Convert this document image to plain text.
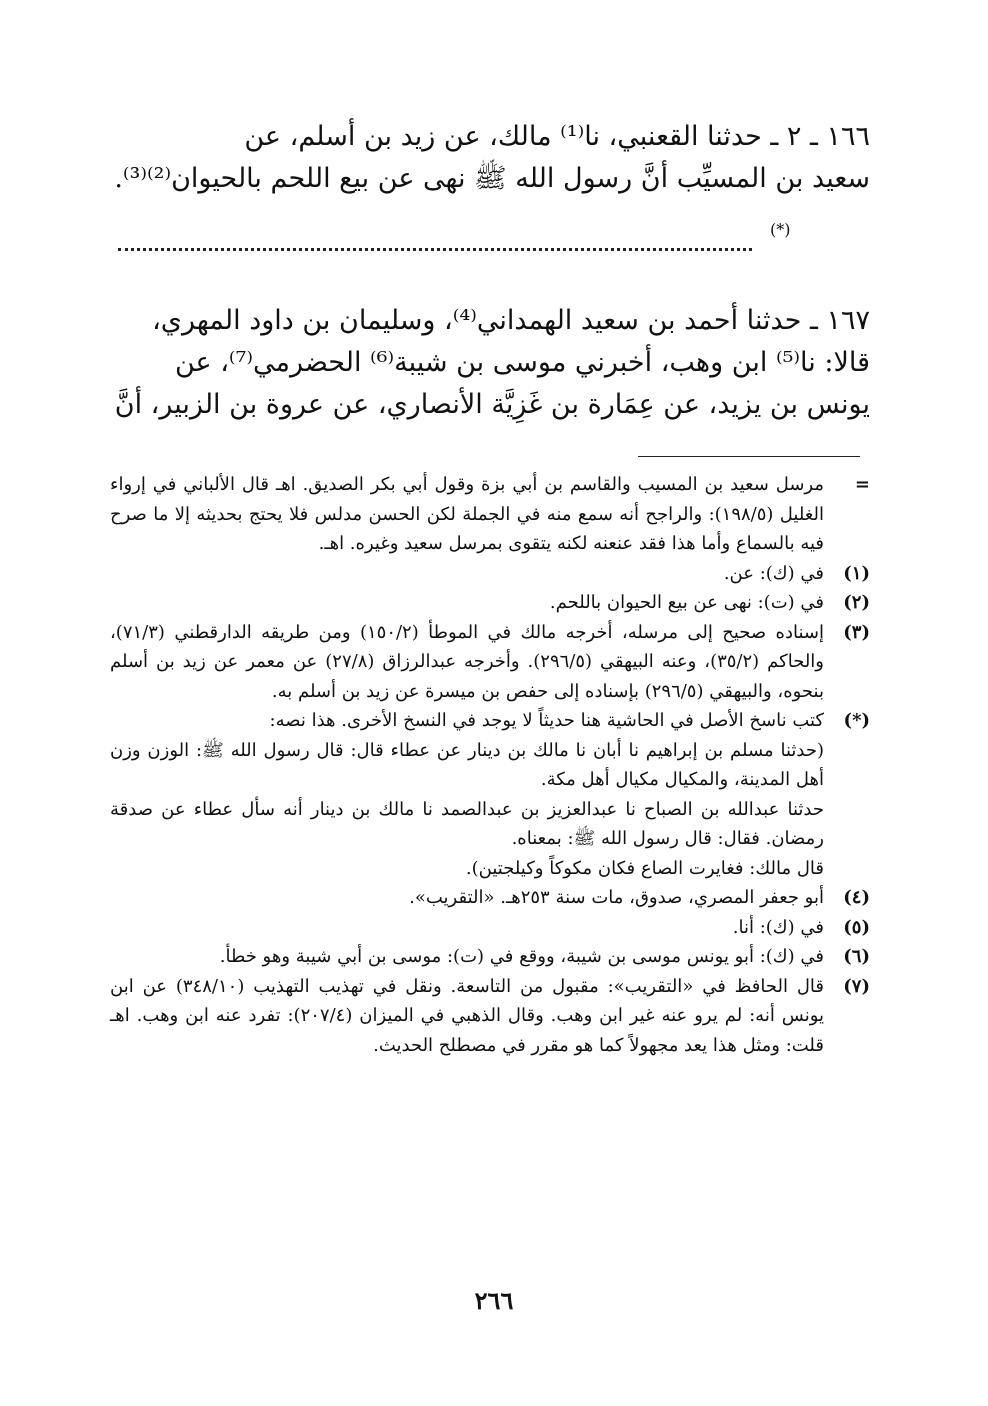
١٦٦ ـ ٢ ـ حدثنا القعنبي، نا⁽¹⁾ مالك، عن زيد بن أسلم، عن
سعيد بن المسيِّب أنَّ رسول الله ﷺ نهى عن بيع اللحم بالحيوان⁽²⁾⁽³⁾.
(*)
١٦٧ ـ حدثنا أحمد بن سعيد الهمداني⁽⁴⁾، وسليمان بن داود المهري،
قالا: نا⁽⁵⁾ ابن وهب، أخبرني موسى بن شيبة⁽⁶⁾ الحضرمي⁽⁷⁾، عن
يونس بن يزيد، عن عِمَارة بن غَزِيَّة الأنصاري، عن عروة بن الزبير، أنَّ
=
مرسل سعيد بن المسيب والقاسم بن أبي بزة وقول أبي بكر الصديق. اهـ قال الألباني في إرواء الغليل (١٩٨/٥): والراجح أنه سمع منه في الجملة لكن الحسن مدلس فلا يحتج بحديثه إلا ما صرح فيه بالسماع وأما هذا فقد عنعنه لكنه يتقوى بمرسل سعيد وغيره. اهـ.
(١)
في (ك): عن.
(٢)
في (ت): نهى عن بيع الحيوان باللحم.
(٣)
إسناده صحيح إلى مرسله، أخرجه مالك في الموطأ (١٥٠/٢) ومن طريقه الدارقطني (٧١/٣)، والحاكم (٣٥/٢)، وعنه البيهقي (٢٩٦/٥). وأخرجه عبدالرزاق (٢٧/٨) عن معمر عن زيد بن أسلم بنحوه، والبيهقي (٢٩٦/٥) بإسناده إلى حفص بن ميسرة عن زيد بن أسلم به.
(*)

كتب ناسخ الأصل في الحاشية هنا حديثاً لا يوجد في النسخ الأخرى. هذا نصه:

(حدثنا مسلم بن إبراهيم نا أبان نا مالك بن دينار عن عطاء قال: قال رسول الله ﷺ: الوزن وزن أهل المدينة، والمكيال مكيال أهل مكة.

حدثنا عبدالله بن الصباح نا عبدالعزيز بن عبدالصمد نا مالك بن دينار أنه سأل عطاء عن صدقة رمضان. فقال: قال رسول الله ﷺ: بمعناه.

قال مالك: فغايرت الصاع فكان مكوكاً وكيلجتين).

(٤)
أبو جعفر المصري، صدوق، مات سنة ٢٥٣هـ. «التقريب».
(٥)
في (ك): أنا.
(٦)
في (ك): أبو يونس موسى بن شيبة، ووقع في (ت): موسى بن أبي شيبة وهو خطأ.
(٧)
قال الحافظ في «التقريب»: مقبول من التاسعة. ونقل في تهذيب التهذيب (٣٤٨/١٠) عن ابن يونس أنه: لم يرو عنه غير ابن وهب. وقال الذهبي في الميزان (٢٠٧/٤): تفرد عنه ابن وهب. اهـ قلت: ومثل هذا يعد مجهولاً كما هو مقرر في مصطلح الحديث.
٢٦٦
